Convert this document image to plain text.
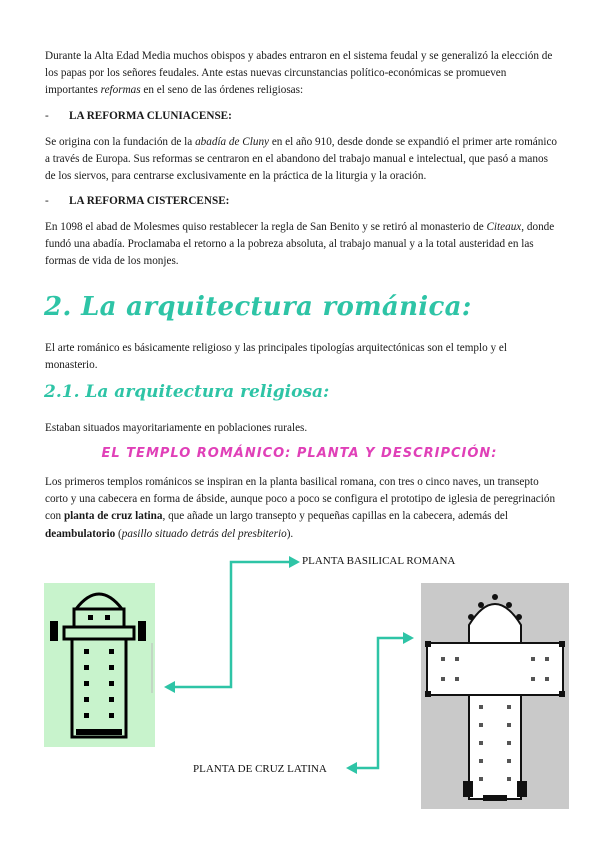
Durante la Alta Edad Media muchos obispos y abades entraron en el sistema feudal y se generalizó la elección de los papas por los señores feudales. Ante estas nuevas circunstancias político-económicas se promueven importantes reformas en el seno de las órdenes religiosas:

- LA REFORMA CLUNIACENSE:

Se origina con la fundación de la abadía de Cluny en el año 910, desde donde se expandió el primer arte románico a través de Europa. Sus reformas se centraron en el abandono del trabajo manual e intelectual, que pasó a manos de los siervos, para centrarse exclusivamente en la práctica de la liturgia y la oración.

- LA REFORMA CISTERCENSE:

En 1098 el abad de Molesmes quiso restablecer la regla de San Benito y se retiró al monasterio de Citeaux, donde fundó una abadía. Proclamaba el retorno a la pobreza absoluta, al trabajo manual y a la total austeridad en las formas de vida de los monjes.

2. La arquitectura románica:

El arte románico es básicamente religioso y las principales tipologías arquitectónicas son el templo y el monasterio.

2.1. La arquitectura religiosa:

Estaban situados mayoritariamente en poblaciones rurales.

EL TEMPLO ROMÁNICO: PLANTA Y DESCRIPCIÓN:

Los primeros templos románicos se inspiran en la planta basilical romana, con tres o cinco naves, un transepto corto y una cabecera en forma de ábside, aunque poco a poco se configura el prototipo de iglesia de peregrinación con planta de cruz latina, que añade un largo transepto y pequeñas capillas en la cabecera, además del deambulatorio (pasillo situado detrás del presbiterio).

PLANTA BASILICAL ROMANA
PLANTA DE CRUZ LATINA
